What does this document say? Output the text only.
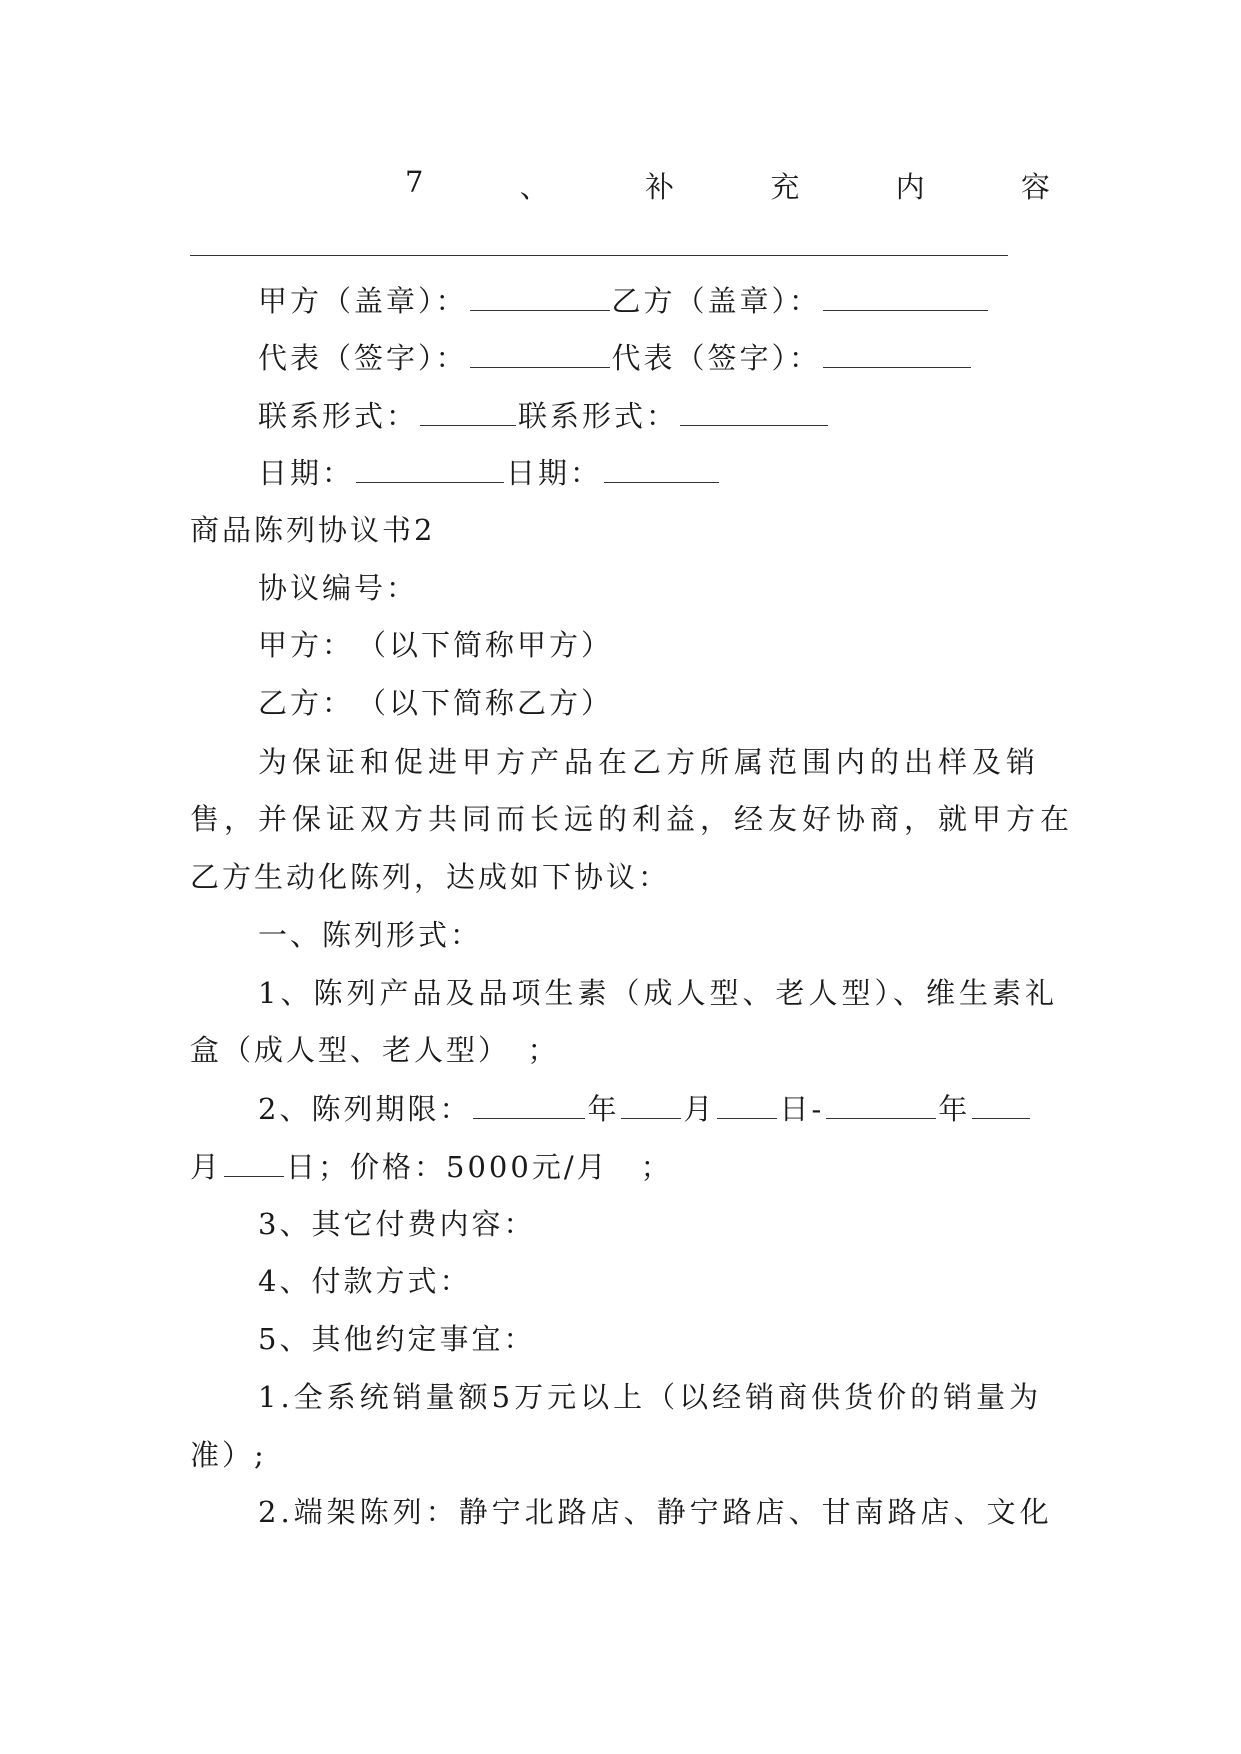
7	、	补	充	内	容
甲方（盖章）：	乙方（盖章）：
代表（签字）：	代表（签字）：
联系形式：	联系形式：
日期：	日期：
商品陈列协议书2
协议编号：
甲方：　（以下简称甲方）
乙方：　（以下简称乙方）
为保证和促进甲方产品在乙方所属范围内的出样及销
售，并保证双方共同而长远的利益，经友好协商，就甲方在
乙方生动化陈列，达成如下协议：
一、陈列形式：
1、陈列产品及品项生素（成人型、老人型）、维生素礼
盒（成人型、老人型）　；
2、陈列期限：	年 月 日-	年
月 日；价格：5000元/月　；
3、其它付费内容：
4、付款方式：
5、其他约定事宜：
1.全系统销量额5万元以上（以经销商供货价的销量为
准）;
2.端架陈列：静宁北路店、静宁路店、甘南路店、文化
